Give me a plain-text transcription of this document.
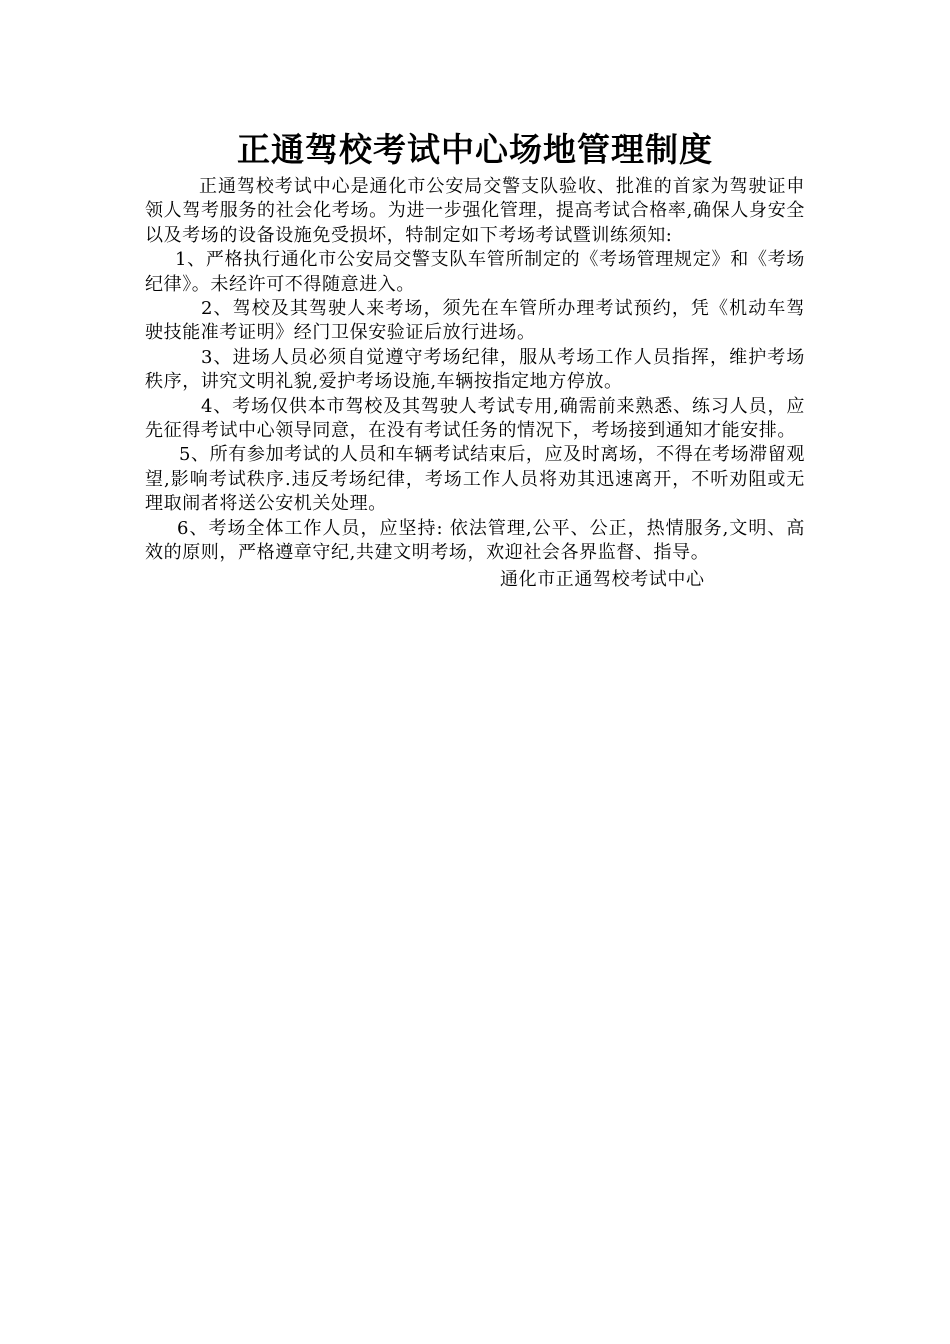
正通驾校考试中心场地管理制度

正通驾校考试中心是通化市公安局交警支队验收、批准的首家为驾驶证申领人驾考服务的社会化考场。为进一步强化管理，提高考试合格率,确保人身安全以及考场的设备设施免受损坏，特制定如下考场考试暨训练须知:

1、严格执行通化市公安局交警支队车管所制定的《考场管理规定》和《考场纪律》。未经许可不得随意进入。

2、驾校及其驾驶人来考场，须先在车管所办理考试预约，凭《机动车驾驶技能准考证明》经门卫保安验证后放行进场。

3、进场人员必须自觉遵守考场纪律，服从考场工作人员指挥，维护考场秩序，讲究文明礼貌,爱护考场设施,车辆按指定地方停放。

4、考场仅供本市驾校及其驾驶人考试专用,确需前来熟悉、练习人员，应先征得考试中心领导同意，在没有考试任务的情况下，考场接到通知才能安排。

5、所有参加考试的人员和车辆考试结束后，应及时离场，不得在考场滞留观望,影响考试秩序.违反考场纪律，考场工作人员将劝其迅速离开，不听劝阻或无理取闹者将送公安机关处理。

6、考场全体工作人员，应坚持: 依法管理,公平、公正，热情服务,文明、高效的原则，严格遵章守纪,共建文明考场，欢迎社会各界监督、指导。

通化市正通驾校考试中心
